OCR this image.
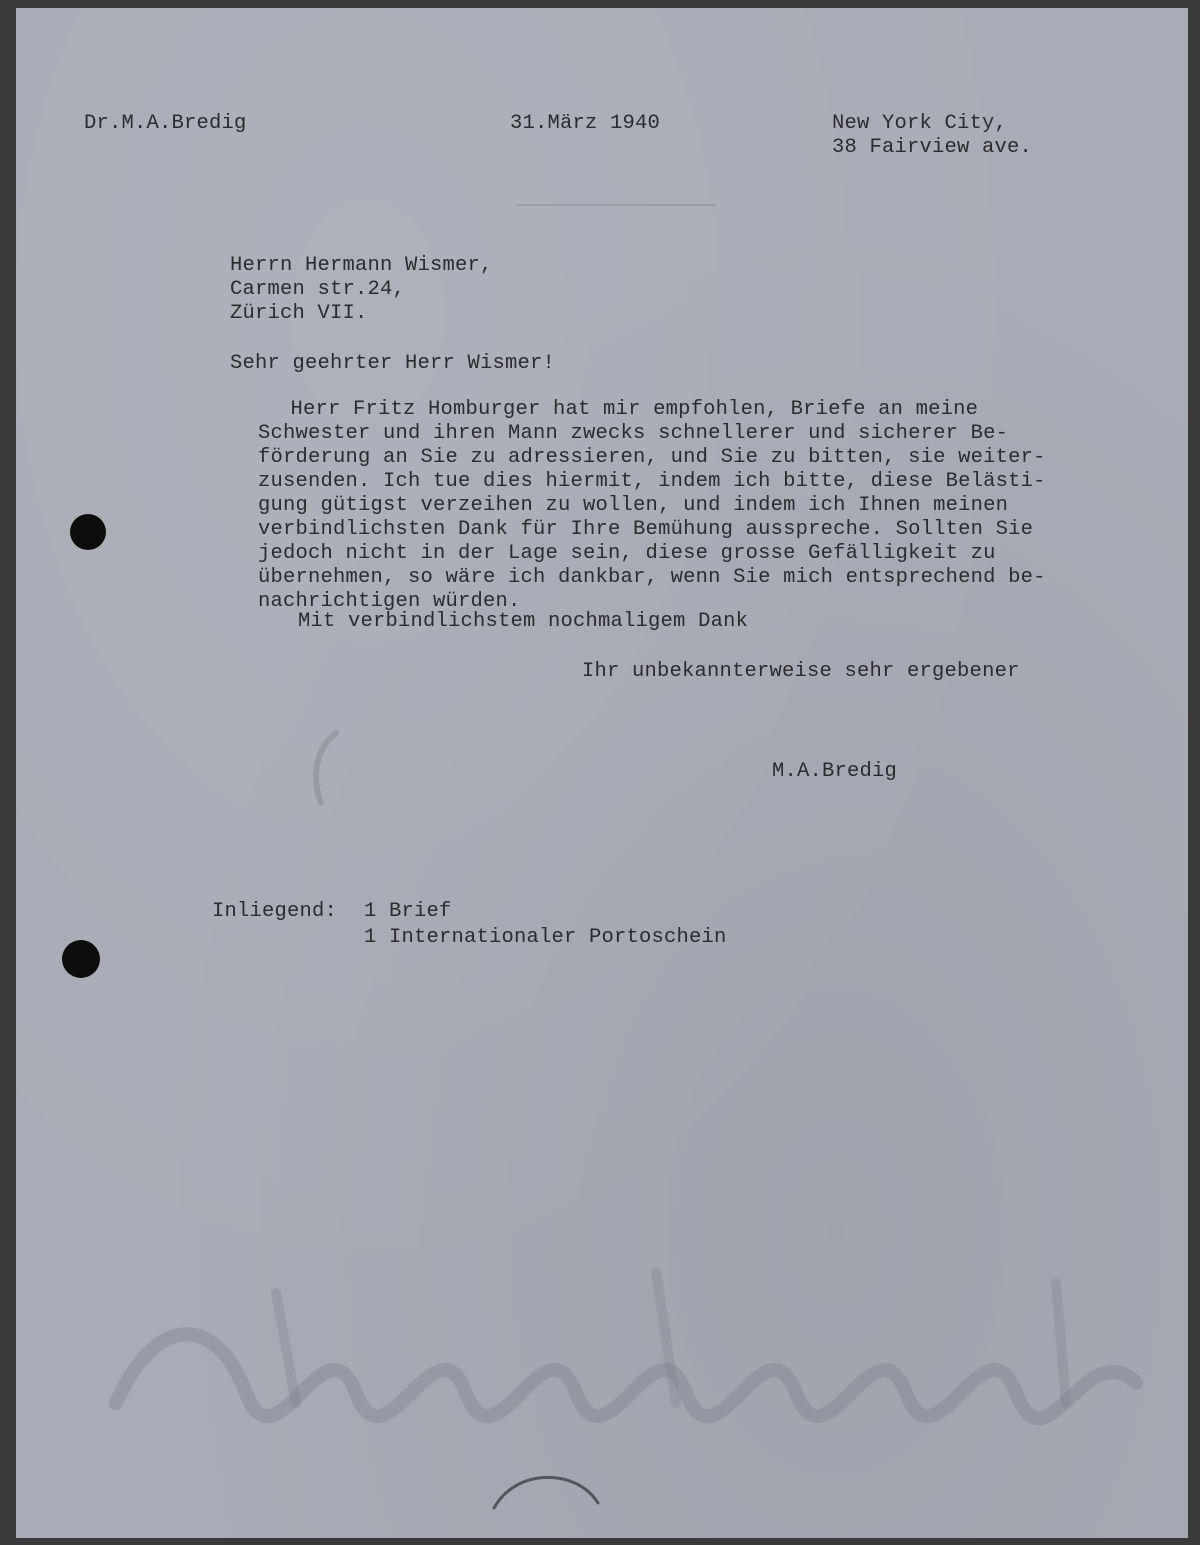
Dr.M.A.Bredig	31.März 1940	New York City,

38 Fairview ave.

Herrn Hermann Wismer,

Carmen str.24,

Zürich VII.

Sehr geehrter Herr Wismer!

Herr Fritz Homburger hat mir empfohlen, Briefe an meine

Schwester und ihren Mann zwecks schnellerer und sicherer Be-

förderung an Sie zu adressieren, und Sie zu bitten, sie weiter-

zusenden. Ich tue dies hiermit, indem ich bitte, diese Belästi-

gung gütigst verzeihen zu wollen, und indem ich Ihnen meinen

verbindlichsten Dank für Ihre Bemühung ausspreche. Sollten Sie

jedoch nicht in der Lage sein, diese grosse Gefälligkeit zu

übernehmen, so wäre ich dankbar, wenn Sie mich entsprechend be-

nachrichtigen würden.

Mit verbindlichstem nochmaligem Dank

Ihr unbekannterweise sehr ergebener

M.A.Bredig

Inliegend: 1 Brief

1 Internationaler Portoschein
